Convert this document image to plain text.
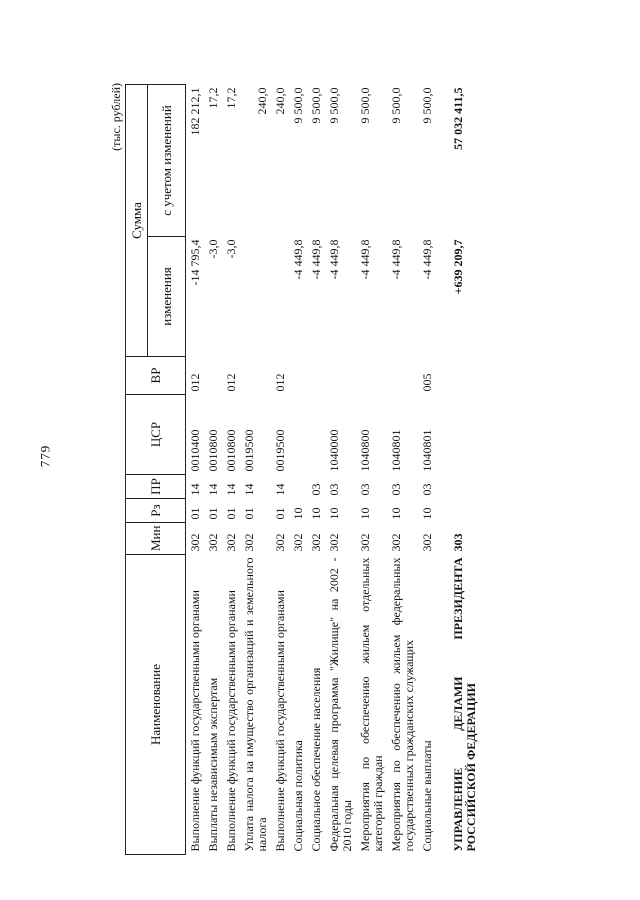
779
(тыс. рублей)
Наименование	Мин	Рз	ПР	ЦСР	ВР	Сумма	
						изменения	с учетом изменений
Выполнение функций государственными органами	302	01	14	0010400	012	-14 795,4	182 212,1
Выплаты независимым экспертам	302	01	14	0010800		-3,0	17,2
Выполнение функций государственными органами	302	01	14	0010800	012	-3,0	17,2
Уплата налога на имущество организаций и земельного налога	302	01	14	0019500			240,0
Выполнение функций государственными органами	302	01	14	0019500	012		240,0
Социальная политика	302	10				-4 449,8	9 500,0
Социальное обеспечение населения	302	10	03			-4 449,8	9 500,0
Федеральная целевая программа "Жилище" на 2002 - 2010 годы	302	10	03	1040000		-4 449,8	9 500,0
Мероприятия по обеспечению жильем отдельных категорий граждан	302	10	03	1040800		-4 449,8	9 500,0
Мероприятия по обеспечению жильем федеральных государственных гражданских служащих	302	10	03	1040801		-4 449,8	9 500,0
Социальные выплаты	302	10	03	1040801	005	-4 449,8	9 500,0

УПРАВЛЕНИЕ ДЕЛАМИ ПРЕЗИДЕНТА РОССИЙСКОЙ ФЕДЕРАЦИИ	303					+639 209,7	57 032 411,5
